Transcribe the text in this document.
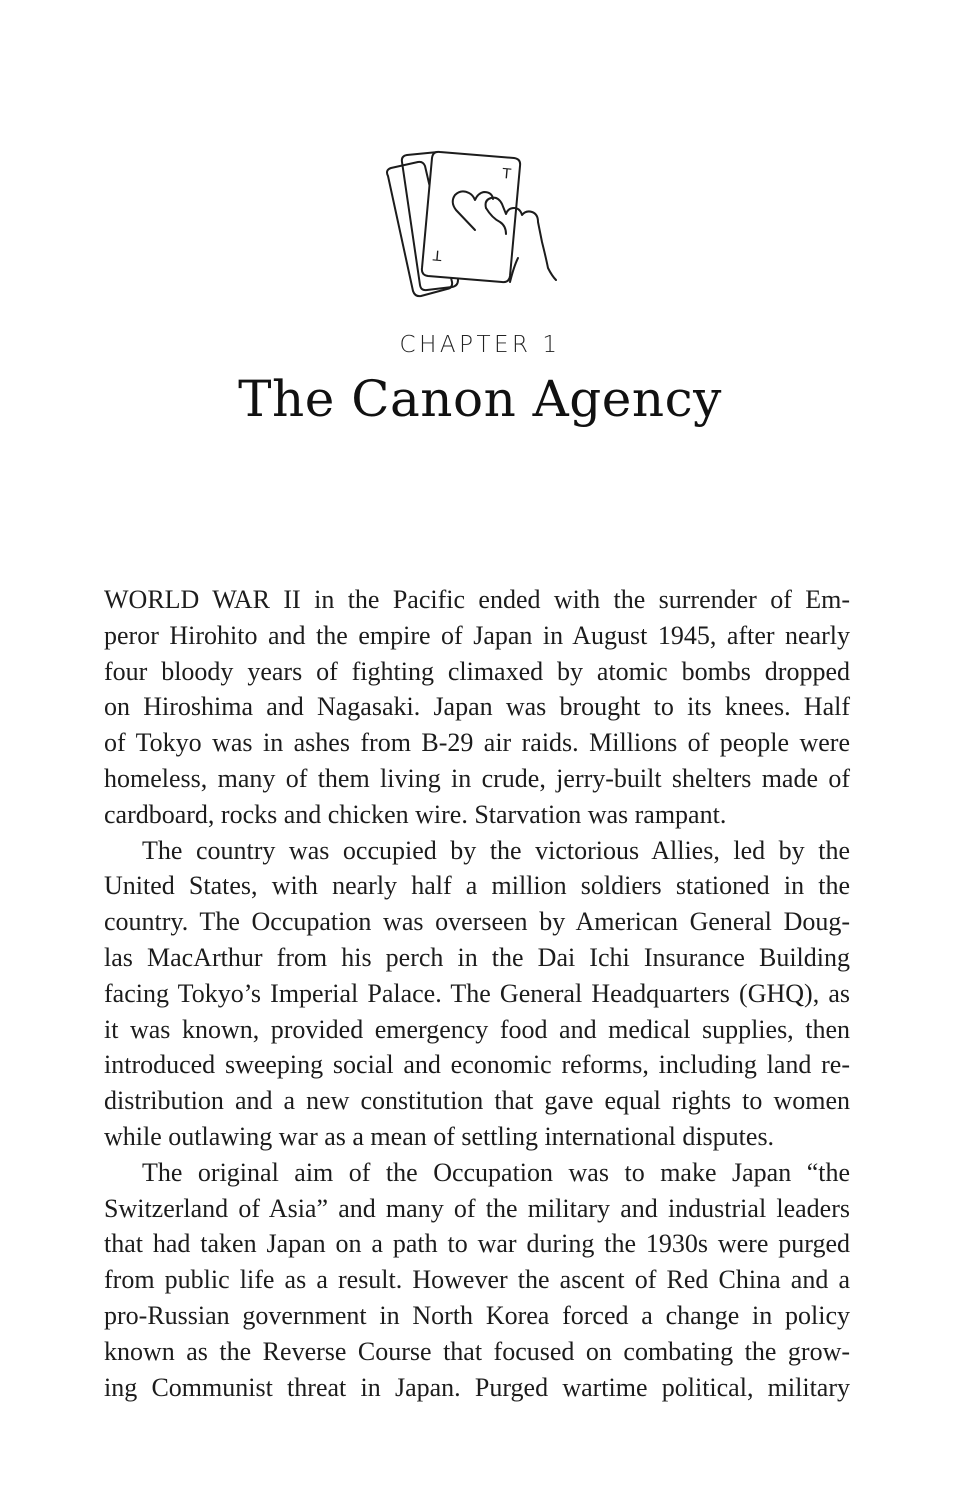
T
T
CHAPTER 1
The Canon Agency
WORLD WAR II in the Pacific ended with the surrender of Em-
peror Hirohito and the empire of Japan in August 1945, after nearly
four bloody years of fighting climaxed by atomic bombs dropped
on Hiroshima and Nagasaki. Japan was brought to its knees. Half
of Tokyo was in ashes from B-29 air raids. Millions of people were
homeless, many of them living in crude, jerry-built shelters made of
cardboard, rocks and chicken wire. Starvation was rampant.
The country was occupied by the victorious Allies, led by the
United States, with nearly half a million soldiers stationed in the
country. The Occupation was overseen by American General Doug-
las MacArthur from his perch in the Dai Ichi Insurance Building
facing Tokyo’s Imperial Palace. The General Headquarters (GHQ), as
it was known, provided emergency food and medical supplies, then
introduced sweeping social and economic reforms, including land re-
distribution and a new constitution that gave equal rights to women
while outlawing war as a mean of settling international disputes.
The original aim of the Occupation was to make Japan “the
Switzerland of Asia” and many of the military and industrial leaders
that had taken Japan on a path to war during the 1930s were purged
from public life as a result. However the ascent of Red China and a
pro-Russian government in North Korea forced a change in policy
known as the Reverse Course that focused on combating the grow-
ing Communist threat in Japan. Purged wartime political, military
